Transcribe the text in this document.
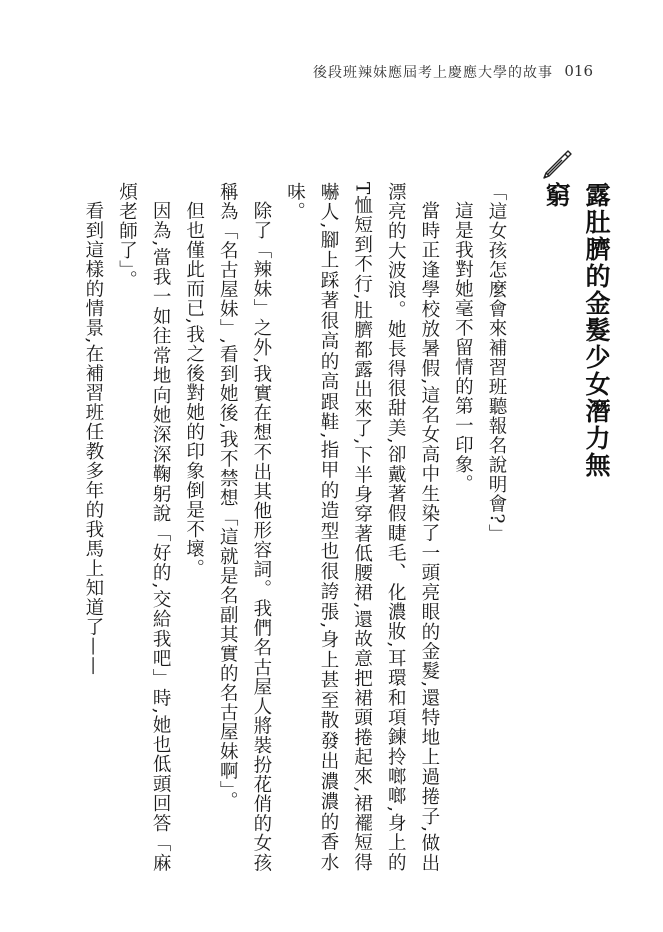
後段班辣妹應屆考上慶應大學的故事 016
露肚臍的金髮少女潛力無窮

「這女孩怎麼會來補習班聽報名說明會?」

這是我對她毫不留情的第一印象。

當時正逢學校放暑假,這名女高中生染了一頭亮眼的金髮,還特地上過捲子,做出漂亮的大波浪。她長得很甜美,卻戴著假睫毛、化濃妝,耳環和項鍊拎啷啷,身上的T恤短到不行,肚臍都露出來了,下半身穿著低腰裙,還故意把裙頭捲起來,裙襬短得嚇人,腳上踩著很高的高跟鞋,指甲的造型也很誇張,身上甚至散發出濃濃的香水味。

除了「辣妹」之外,我實在想不出其他形容詞。我們名古屋人將裝扮花俏的女孩稱為「名古屋妹」,看到她後,我不禁想「這就是名副其實的名古屋妹啊」。

但也僅此而已,我之後對她的印象倒是不壞。

因為,當我一如往常地向她深深鞠躬說「好的,交給我吧」時,她也低頭回答「麻煩老師了」。

看到這樣的情景,在補習班任教多年的我馬上知道了——
